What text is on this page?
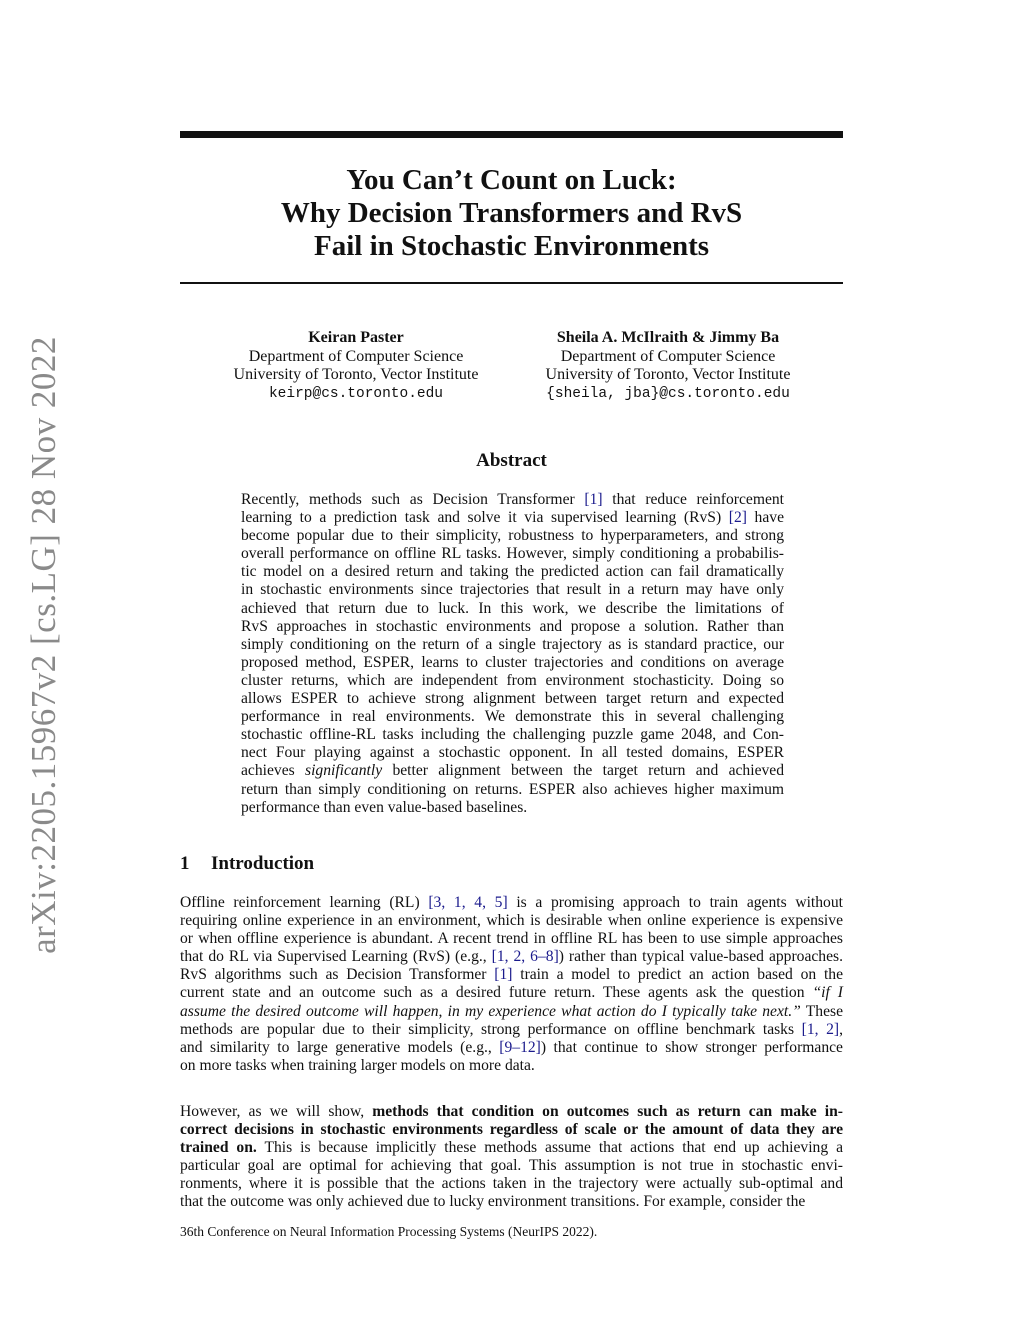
arXiv:2205.15967v2 [cs.LG] 28 Nov 2022
You Can’t Count on Luck:
Why Decision Transformers and RvS
Fail in Stochastic Environments
Keiran Paster
Department of Computer Science
University of Toronto, Vector Institute
keirp@cs.toronto.edu
Sheila A. McIlraith & Jimmy Ba
Department of Computer Science
University of Toronto, Vector Institute
{sheila, jba}@cs.toronto.edu
Abstract
Recently, methods such as Decision Transformer [1] that reduce reinforcement
learning to a prediction task and solve it via supervised learning (RvS) [2] have
become popular due to their simplicity, robustness to hyperparameters, and strong
overall performance on offline RL tasks. However, simply conditioning a probabilis-
tic model on a desired return and taking the predicted action can fail dramatically
in stochastic environments since trajectories that result in a return may have only
achieved that return due to luck. In this work, we describe the limitations of
RvS approaches in stochastic environments and propose a solution. Rather than
simply conditioning on the return of a single trajectory as is standard practice, our
proposed method, ESPER, learns to cluster trajectories and conditions on average
cluster returns, which are independent from environment stochasticity. Doing so
allows ESPER to achieve strong alignment between target return and expected
performance in real environments. We demonstrate this in several challenging
stochastic offline-RL tasks including the challenging puzzle game 2048, and Con-
nect Four playing against a stochastic opponent. In all tested domains, ESPER
achieves significantly better alignment between the target return and achieved
return than simply conditioning on returns. ESPER also achieves higher maximum
performance than even value-based baselines.
1 Introduction
Offline reinforcement learning (RL) [3, 1, 4, 5] is a promising approach to train agents without
requiring online experience in an environment, which is desirable when online experience is expensive
or when offline experience is abundant. A recent trend in offline RL has been to use simple approaches
that do RL via Supervised Learning (RvS) (e.g., [1, 2, 6–8]) rather than typical value-based approaches.
RvS algorithms such as Decision Transformer [1] train a model to predict an action based on the
current state and an outcome such as a desired future return. These agents ask the question “if I
assume the desired outcome will happen, in my experience what action do I typically take next.” These
methods are popular due to their simplicity, strong performance on offline benchmark tasks [1, 2],
and similarity to large generative models (e.g., [9–12]) that continue to show stronger performance
on more tasks when training larger models on more data.
However, as we will show, methods that condition on outcomes such as return can make in-
correct decisions in stochastic environments regardless of scale or the amount of data they are
trained on. This is because implicitly these methods assume that actions that end up achieving a
particular goal are optimal for achieving that goal. This assumption is not true in stochastic envi-
ronments, where it is possible that the actions taken in the trajectory were actually sub-optimal and
that the outcome was only achieved due to lucky environment transitions. For example, consider the
36th Conference on Neural Information Processing Systems (NeurIPS 2022).
